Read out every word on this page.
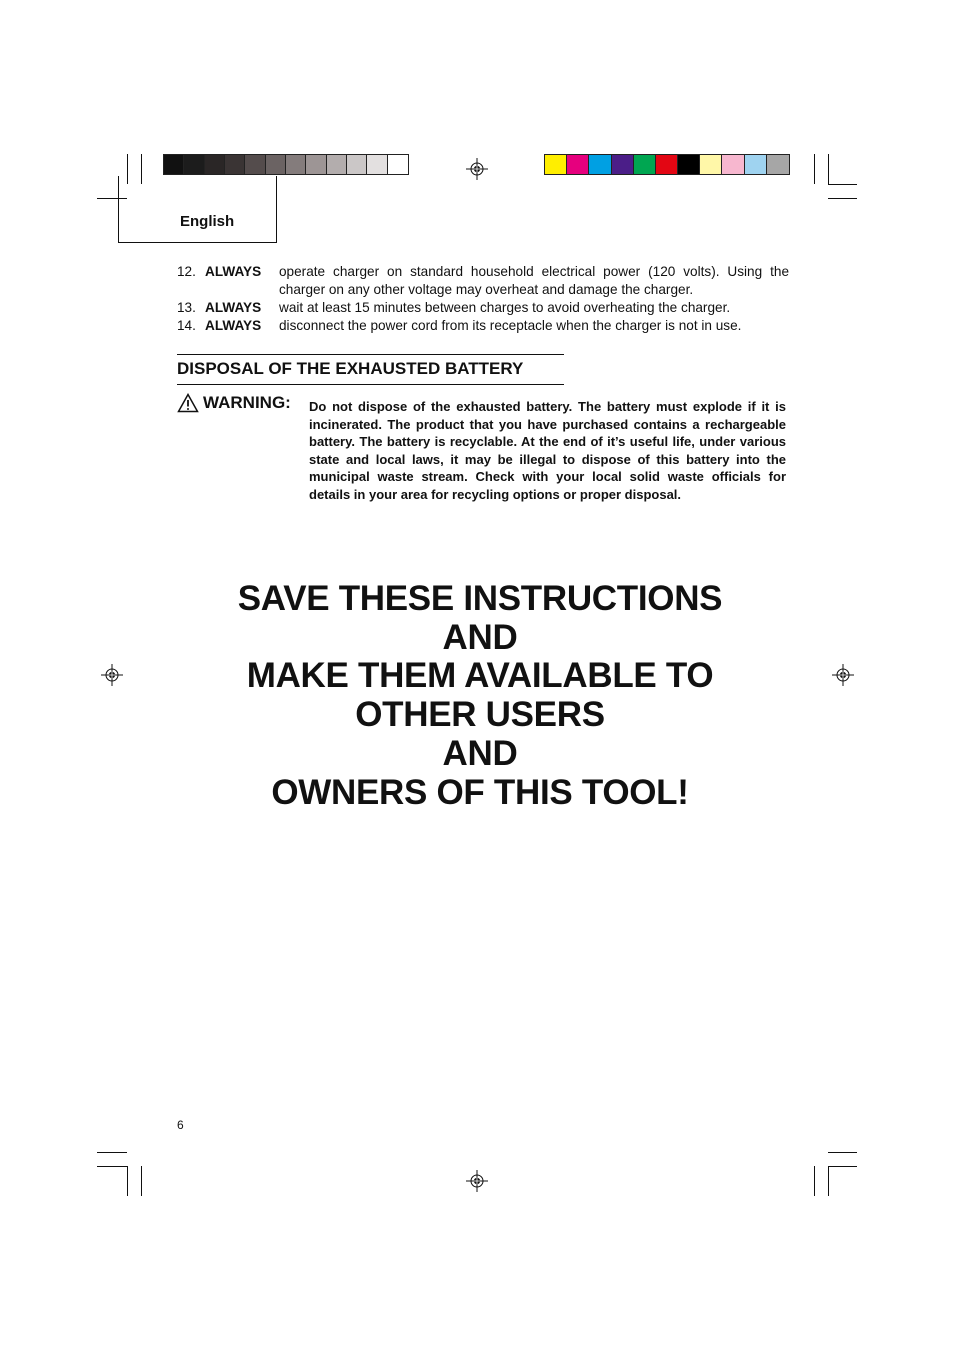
English
12. ALWAYS	operate charger on standard household electrical power (120 volts). Using the charger on any other voltage may overheat and damage the charger.
13. ALWAYS	wait at least 15 minutes between charges to avoid overheating the charger.
14. ALWAYS	disconnect the power cord from its receptacle when the charger is not in use.
DISPOSAL OF THE EXHAUSTED BATTERY
WARNING: Do not dispose of the exhausted battery. The battery must explode if it is incinerated. The product that you have purchased contains a rechargeable battery. The battery is recyclable. At the end of it’s useful life, under various state and local laws, it may be illegal to dispose of this battery into the municipal waste stream. Check with your local solid waste officials for details in your area for recycling options or proper disposal.
SAVE THESE INSTRUCTIONS
AND
MAKE THEM AVAILABLE TO
OTHER USERS
AND
OWNERS OF THIS TOOL!
6
